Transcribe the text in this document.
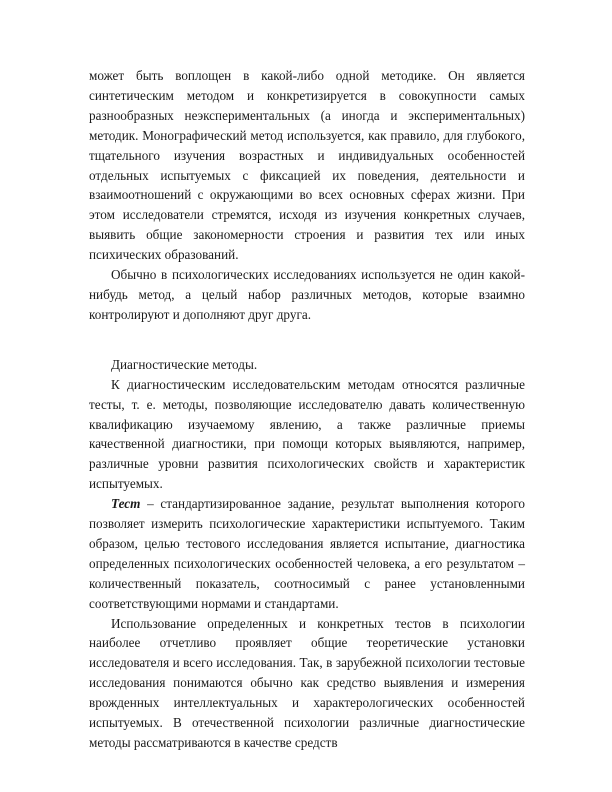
может быть воплощен в какой-либо одной методике. Он является синтетическим методом и конкретизируется в совокупности самых разнообразных неэкспериментальных (а иногда и экспериментальных) методик. Монографический метод используется, как правило, для глубокого, тщательного изучения возрастных и индивидуальных особенностей отдельных испытуемых с фиксацией их поведения, деятельности и взаимоотношений с окружающими во всех основных сферах жизни. При этом исследователи стремятся, исходя из изучения конкретных случаев, выявить общие закономерности строения и развития тех или иных психических образований.

Обычно в психологических исследованиях используется не один какой-нибудь метод, а целый набор различных методов, которые взаимно контролируют и дополняют друг друга.

Диагностические методы.

К диагностическим исследовательским методам относятся различные тесты, т. е. методы, позволяющие исследователю давать количественную квалификацию изучаемому явлению, а также различные приемы качественной диагностики, при помощи которых выявляются, например, различные уровни развития психологических свойств и характеристик испытуемых.

Тест – стандартизированное задание, результат выполнения которого позволяет измерить психологические характеристики испытуемого. Таким образом, целью тестового исследования является испытание, диагностика определенных психологических особенностей человека, а его результатом – количественный показатель, соотносимый с ранее установленными соответствующими нормами и стандартами.

Использование определенных и конкретных тестов в психологии наиболее отчетливо проявляет общие теоретические установки исследователя и всего исследования. Так, в зарубежной психологии тестовые исследования понимаются обычно как средство выявления и измерения врожденных интеллектуальных и характерологических особенностей испытуемых. В отечественной психологии различные диагностические методы рассматриваются в качестве средств
